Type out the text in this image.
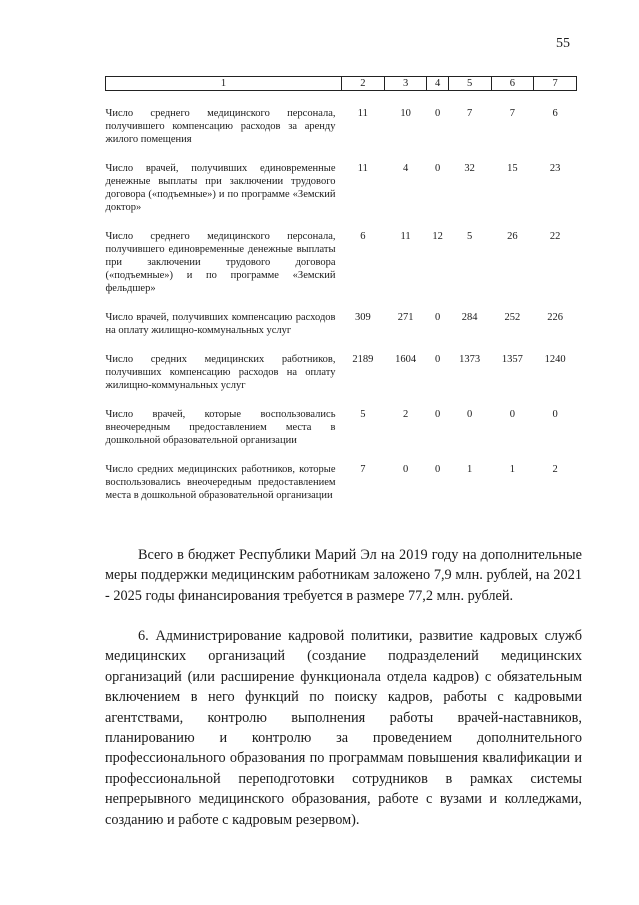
55
1	2	3	4	5	6	7

Число среднего медицинского персонала, получившего компенсацию расходов за аренду жилого помещения	11	10	0	7	7	6

Число врачей, получивших единовременные денежные выплаты при заключении трудового договора («подъемные») и по программе «Земский доктор»	11	4	0	32	15	23

Число среднего медицинского персонала, получившего единовременные денежные выплаты при заключении трудового договора («подъемные») и по программе «Земский фельдшер»	6	11	12	5	26	22

Число врачей, получивших компенсацию расходов на оплату жилищно-коммунальных услуг	309	271	0	284	252	226

Число средних медицинских работников, получивших компенсацию расходов на оплату жилищно-коммунальных услуг	2189	1604	0	1373	1357	1240

Число врачей, которые воспользовались внеочередным предоставлением места в дошкольной образовательной организации	5	2	0	0	0	0

Число средних медицинских работников, которые воспользовались внеочередным предоставлением места в дошкольной образовательной организации	7	0	0	1	1	2

Всего в бюджет Республики Марий Эл на 2019 году на дополнительные меры поддержки медицинским работникам заложено 7,9 млн. рублей, на 2021 - 2025 годы финансирования требуется в размере 77,2 млн. рублей.

6. Администрирование кадровой политики, развитие кадровых служб медицинских организаций (создание подразделений медицинских организаций (или расширение функционала отдела кадров) с обязательным включением в него функций по поиску кадров, работы с кадровыми агентствами, контролю выполнения работы врачей-наставников, планированию и контролю за проведением дополнительного профессионального образования по программам повышения квалификации и профессиональной переподготовки сотрудников в рамках системы непрерывного медицинского образования, работе с вузами и колледжами, созданию и работе с кадровым резервом).
